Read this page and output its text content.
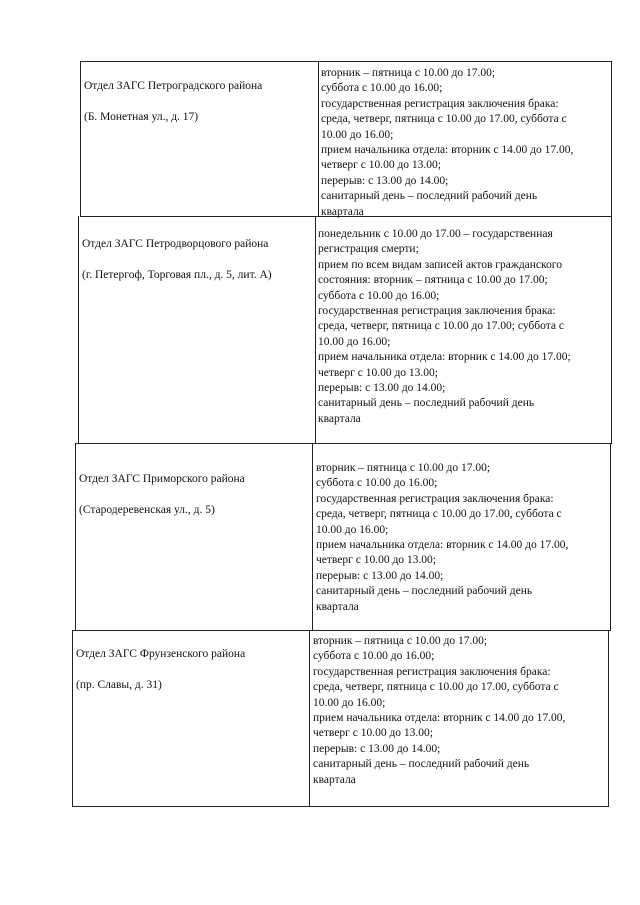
Отдел ЗАГС Петроградского района

(Б. Монетная ул., д. 17)

вторник – пятница с 10.00 до 17.00;
суббота с 10.00 до 16.00;
государственная регистрация заключения брака:
среда, четверг, пятница с 10.00 до 17.00, суббота с
10.00 до 16.00;
прием начальника отдела: вторник с 14.00 до 17.00,
четверг с 10.00 до 13.00;
перерыв: с 13.00 до 14.00;
санитарный день – последний рабочий день
квартала

Отдел ЗАГС Петродворцового района

(г. Петергоф, Торговая пл., д. 5, лит. А)

понедельник с 10.00 до 17.00 – государственная
регистрация смерти;
прием по всем видам записей актов гражданского
состояния: вторник – пятница с 10.00 до 17.00;
суббота с 10.00 до 16.00;
государственная регистрация заключения брака:
среда, четверг, пятница с 10.00 до 17.00; суббота с
10.00 до 16.00;
прием начальника отдела: вторник с 14.00 до 17.00;
четверг с 10.00 до 13.00;
перерыв: с 13.00 до 14.00;
санитарный день – последний рабочий день
квартала

Отдел ЗАГС Приморского района

(Стародеревенская ул., д. 5)

вторник – пятница с 10.00 до 17.00;
суббота с 10.00 до 16.00;
государственная регистрация заключения брака:
среда, четверг, пятница с 10.00 до 17.00, суббота с
10.00 до 16.00;
прием начальника отдела: вторник с 14.00 до 17.00,
четверг с 10.00 до 13.00;
перерыв: с 13.00 до 14.00;
санитарный день – последний рабочий день
квартала

Отдел ЗАГС Фрунзенского района

(пр. Славы, д. 31)

вторник – пятница с 10.00 до 17.00;
суббота с 10.00 до 16.00;
государственная регистрация заключения брака:
среда, четверг, пятница с 10.00 до 17.00, суббота с
10.00 до 16.00;
прием начальника отдела: вторник с 14.00 до 17.00,
четверг с 10.00 до 13.00;
перерыв: с 13.00 до 14.00;
санитарный день – последний рабочий день
квартала
